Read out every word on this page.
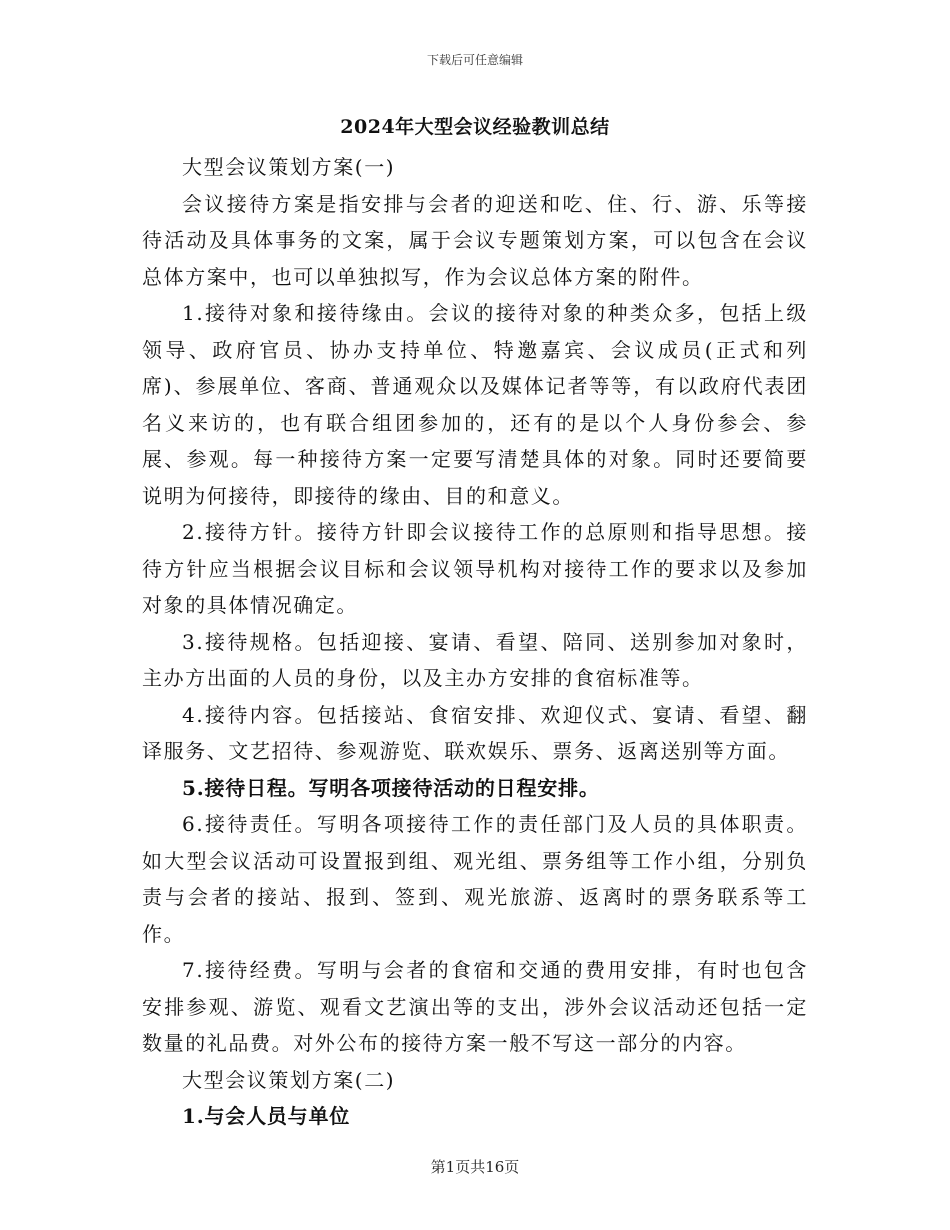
下载后可任意编辑
2024年大型会议经验教训总结

大型会议策划方案(一)

会议接待方案是指安排与会者的迎送和吃、住、行、游、乐等接待活动及具体事务的文案，属于会议专题策划方案，可以包含在会议总体方案中，也可以单独拟写，作为会议总体方案的附件。

1.接待对象和接待缘由。会议的接待对象的种类众多，包括上级领导、政府官员、协办支持单位、特邀嘉宾、会议成员(正式和列席)、参展单位、客商、普通观众以及媒体记者等等，有以政府代表团名义来访的，也有联合组团参加的，还有的是以个人身份参会、参展、参观。每一种接待方案一定要写清楚具体的对象。同时还要简要说明为何接待，即接待的缘由、目的和意义。

2.接待方针。接待方针即会议接待工作的总原则和指导思想。接待方针应当根据会议目标和会议领导机构对接待工作的要求以及参加对象的具体情况确定。

3.接待规格。包括迎接、宴请、看望、陪同、送别参加对象时，主办方出面的人员的身份，以及主办方安排的食宿标准等。

4.接待内容。包括接站、食宿安排、欢迎仪式、宴请、看望、翻译服务、文艺招待、参观游览、联欢娱乐、票务、返离送别等方面。

5.接待日程。写明各项接待活动的日程安排。

6.接待责任。写明各项接待工作的责任部门及人员的具体职责。如大型会议活动可设置报到组、观光组、票务组等工作小组，分别负责与会者的接站、报到、签到、观光旅游、返离时的票务联系等工作。

7.接待经费。写明与会者的食宿和交通的费用安排，有时也包含安排参观、游览、观看文艺演出等的支出，涉外会议活动还包括一定数量的礼品费。对外公布的接待方案一般不写这一部分的内容。

大型会议策划方案(二)

1.与会人员与单位

第1页共16页
